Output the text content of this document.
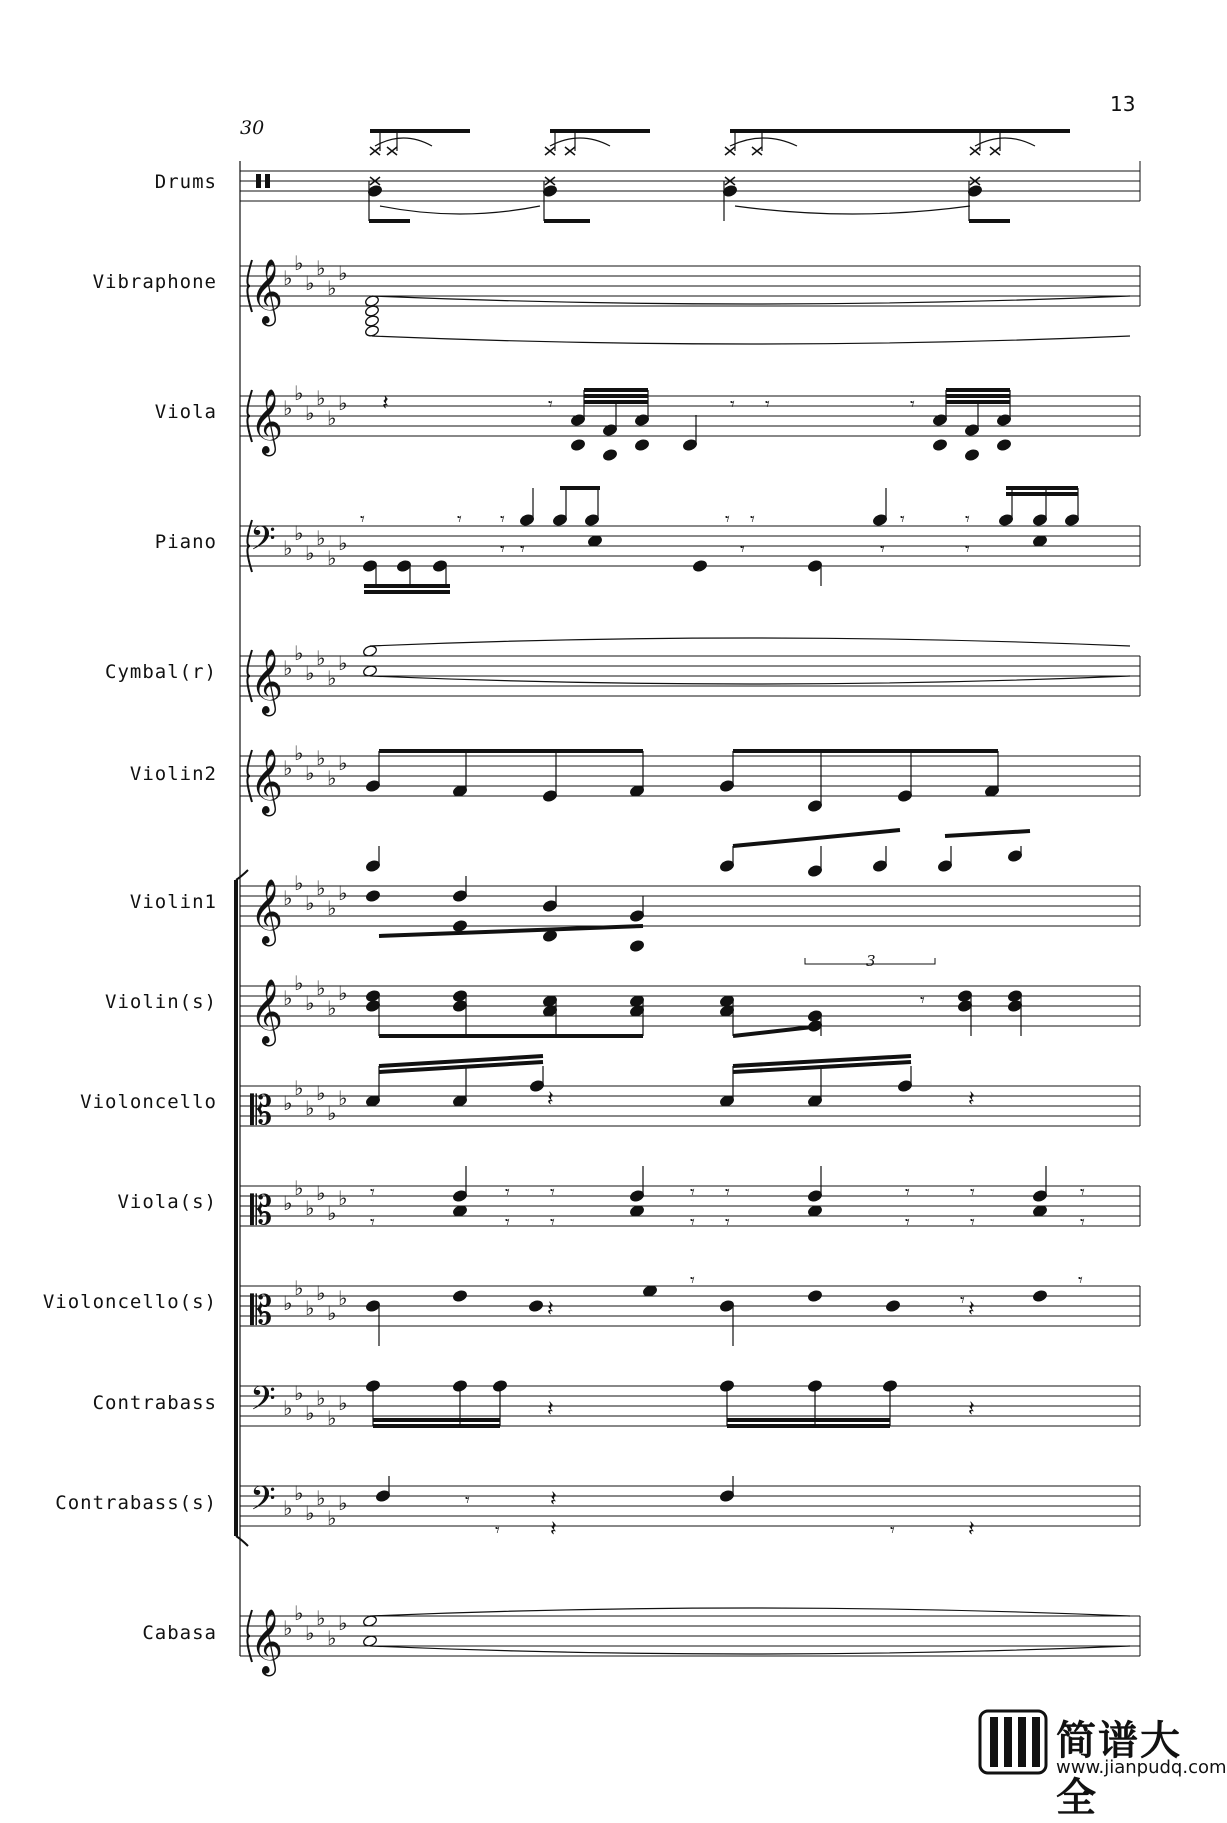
13
30
Drums
Vibraphone
Viola
Piano
Cymbal(r)
Violin2
Violin1
Violin(s)
Violoncello
Viola(s)
Violoncello(s)
Contrabass
Contrabass(s)
Cabasa
𝄞
𝄞
𝄢
𝄞
𝄞
𝄞
𝄞
𝄡
𝄡
𝄡
𝄢
𝄢
𝄞
♭
♭
♭
♭
♭
♭
♭
♭
♭
♭
♭
♭
♭
♭
♭
♭
♭
♭
♭
♭
♭
♭
♭
♭
♭
♭
♭
♭
♭
♭
♭
♭
♭
♭
♭
♭
♭
♭
♭
♭
♭
♭
♭
♭
♭
♭
♭
♭
♭
♭
♭
♭
♭
♭
♭
♭
♭
♭
♭
♭
♭
♭
♭
♭
♭
♭
♭
♭
♭
♭
♭
♭
♭
♭
♭
♭
♭
♭
𝄽	𝄾	𝄾 𝄾	𝄾
𝄾	𝄾 𝄾	𝄾 𝄾	𝄾	𝄾
𝄾 𝄾	𝄾	𝄾	𝄾
3
𝄾
𝄽	𝄽
𝄾	𝄾 𝄾	𝄾 𝄾	𝄾	𝄾	𝄾
𝄾	𝄾 𝄾	𝄾 𝄾	𝄾	𝄾	𝄾
𝄽	𝄽
𝄾	𝄾
𝄾
𝄽	𝄽
𝄾
𝄾
𝄽
𝄽	𝄾	𝄽
简谱大全
www.jianpudq.com
